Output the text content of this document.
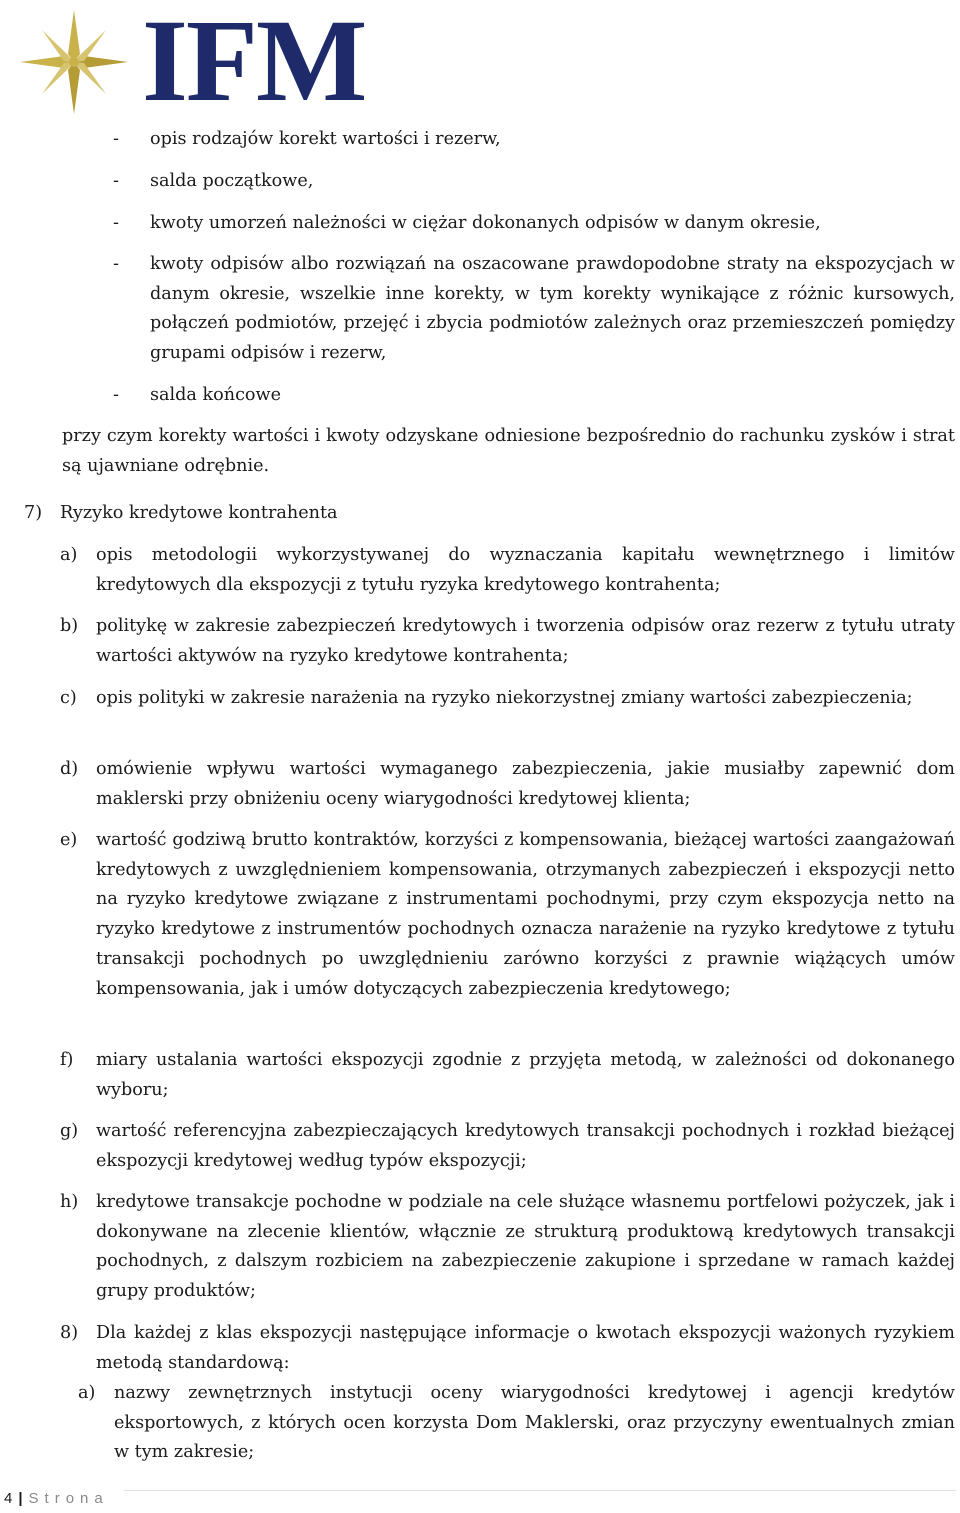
IFM
-	opis rodzajów korekt wartości i rezerw,
-	salda początkowe,
-	kwoty umorzeń należności w ciężar dokonanych odpisów w danym okresie,
-	kwoty odpisów albo rozwiązań na oszacowane prawdopodobne straty na ekspozycjach w danym okresie, wszelkie inne korekty, w tym korekty wynikające z różnic kursowych, połączeń podmiotów, przejęć i zbycia podmiotów zależnych oraz przemieszczeń pomiędzy grupami odpisów i rezerw,
-	salda końcowe
przy czym korekty wartości i kwoty odzyskane odniesione bezpośrednio do rachunku zysków i strat są ujawniane odrębnie.
7)	Ryzyko kredytowe kontrahenta
a)	opis metodologii wykorzystywanej do wyznaczania kapitału wewnętrznego i limitów kredytowych dla ekspozycji z tytułu ryzyka kredytowego kontrahenta;
b)	politykę w zakresie zabezpieczeń kredytowych i tworzenia odpisów oraz rezerw z tytułu utraty wartości aktywów na ryzyko kredytowe kontrahenta;
c)	opis polityki w zakresie narażenia na ryzyko niekorzystnej zmiany wartości zabezpieczenia;
d)	omówienie wpływu wartości wymaganego zabezpieczenia, jakie musiałby zapewnić dom maklerski przy obniżeniu oceny wiarygodności kredytowej klienta;
e)	wartość godziwą brutto kontraktów, korzyści z kompensowania, bieżącej wartości zaangażowań kredytowych z uwzględnieniem kompensowania, otrzymanych zabezpieczeń i ekspozycji netto na ryzyko kredytowe związane z instrumentami pochodnymi, przy czym ekspozycja netto na ryzyko kredytowe z instrumentów pochodnych oznacza narażenie na ryzyko kredytowe z tytułu transakcji pochodnych po uwzględnieniu zarówno korzyści z prawnie wiążących umów kompensowania, jak i umów dotyczących zabezpieczenia kredytowego;
f)	miary ustalania wartości ekspozycji zgodnie z przyjęta metodą, w zależności od dokonanego wyboru;
g)	wartość referencyjna zabezpieczających kredytowych transakcji pochodnych i rozkład bieżącej ekspozycji kredytowej według typów ekspozycji;
h)	kredytowe transakcje pochodne w podziale na cele służące własnemu portfelowi pożyczek, jak i dokonywane na zlecenie klientów, włącznie ze strukturą produktową kredytowych transakcji pochodnych, z dalszym rozbiciem na zabezpieczenie zakupione i sprzedane w ramach każdej grupy produktów;
8)	Dla każdej z klas ekspozycji następujące informacje o kwotach ekspozycji ważonych ryzykiem metodą standardową:
a)	nazwy zewnętrznych instytucji oceny wiarygodności kredytowej i agencji kredytów eksportowych, z których ocen korzysta Dom Maklerski, oraz przyczyny ewentualnych zmian w tym zakresie;
4 | Strona
